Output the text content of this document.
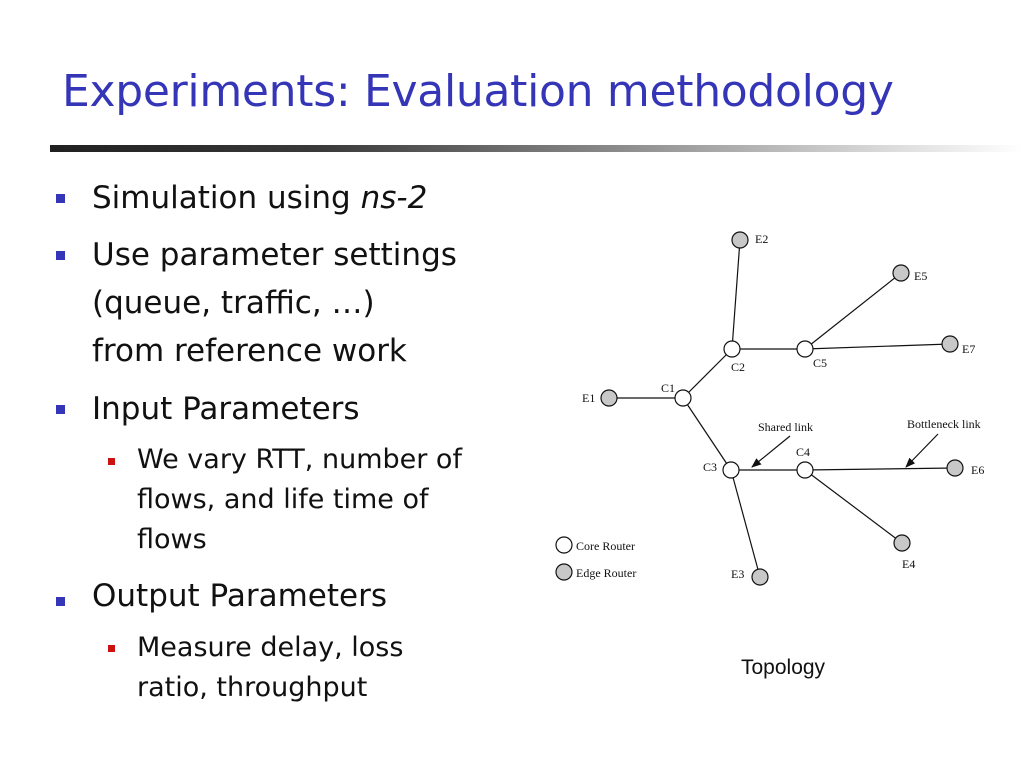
Experiments: Evaluation methodology
Simulation using ns-2
Use parameter settings
(queue, traffic, …)
from reference work
Input Parameters
We vary RTT, number of
flows, and life time of
flows
Output Parameters
Measure delay, loss
ratio, throughput
E1
E2
E3
E4
E5
E6
E7
C1
C2
C3
C4
C5
Shared link	Bottleneck link
Core Router
Edge Router
Topology
